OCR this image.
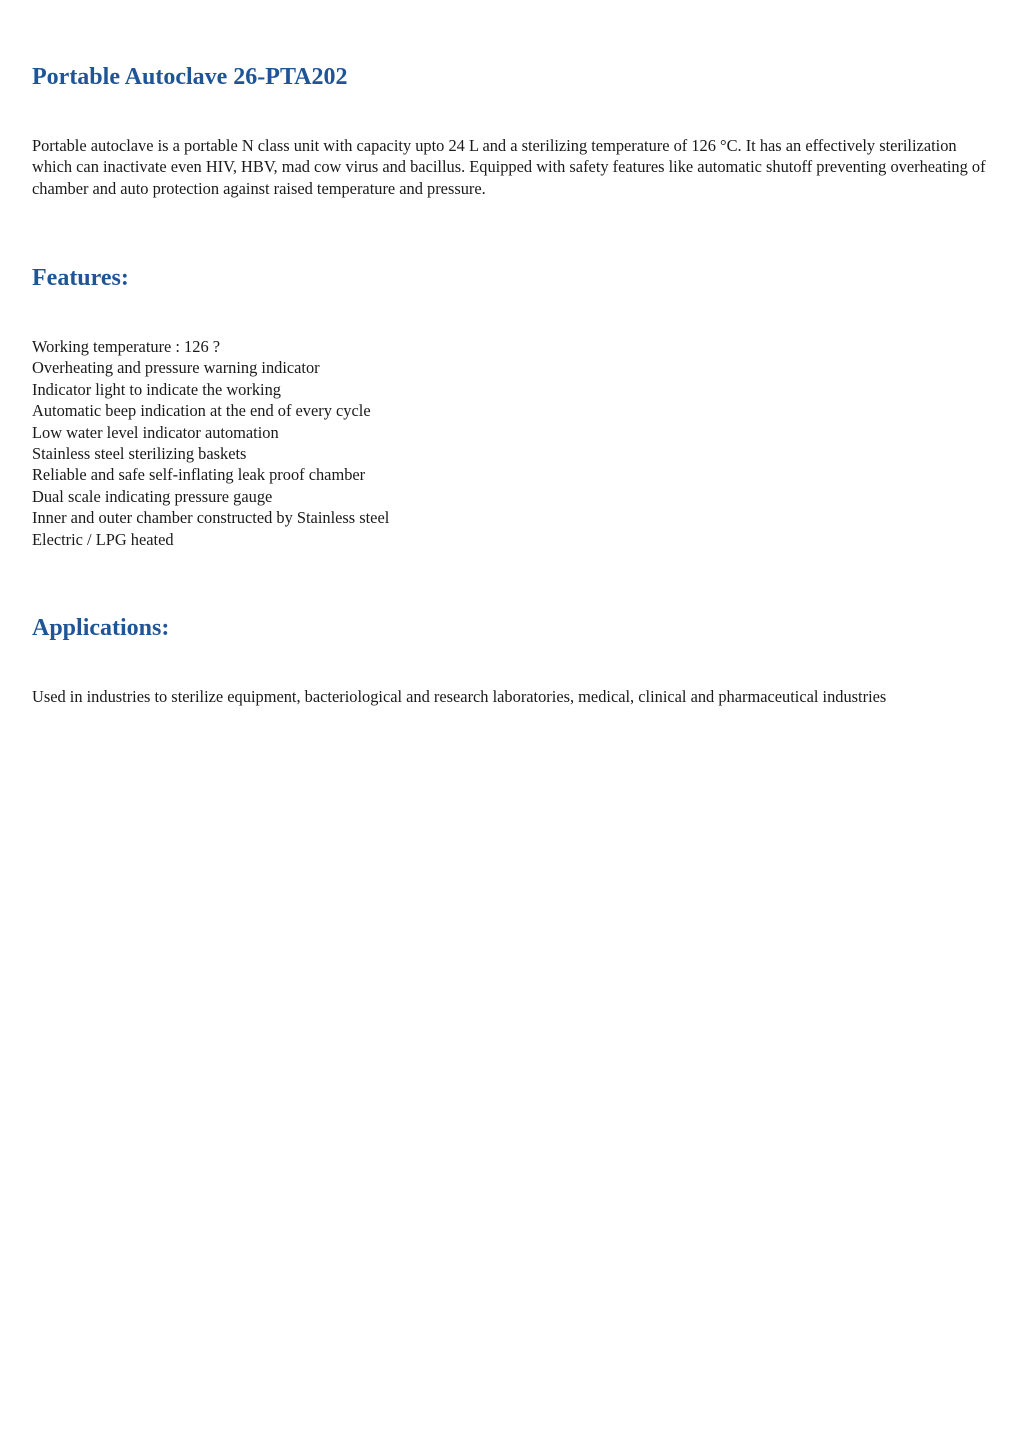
Portable Autoclave 26-PTA202

Portable autoclave is a portable N class unit with capacity upto 24 L and a sterilizing temperature of 126 °C. It has an effectively sterilization which can inactivate even HIV, HBV, mad cow virus and bacillus. Equipped with safety features like automatic shutoff preventing overheating of chamber and auto protection against raised temperature and pressure.

Features:
Working temperature : 126 ?
Overheating and pressure warning indicator
Indicator light to indicate the working
Automatic beep indication at the end of every cycle
Low water level indicator automation
Stainless steel sterilizing baskets
Reliable and safe self-inflating leak proof chamber
Dual scale indicating pressure gauge
Inner and outer chamber constructed by Stainless steel
Electric / LPG heated
Applications:

Used in industries to sterilize equipment, bacteriological and research laboratories, medical, clinical and pharmaceutical industries
